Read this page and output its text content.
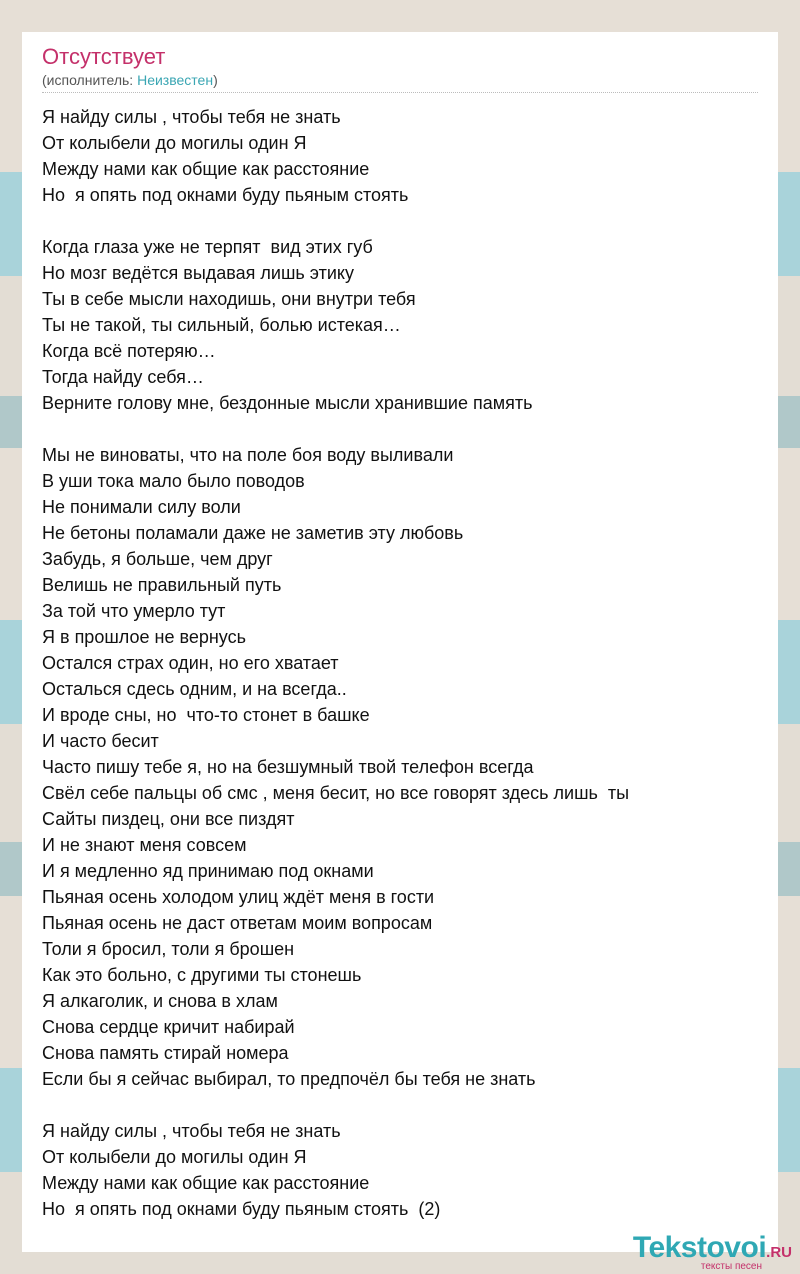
Отсутствует
(исполнитель: Неизвестен)
Я найду силы , чтобы тебя не знать
От колыбели до могилы один Я
Между нами как общие как расстояние
Но  я опять под окнами буду пьяным стоять
Когда глаза уже не терпят  вид этих губ
Но мозг ведётся выдавая лишь этику
Ты в себе мысли находишь, они внутри тебя
Ты не такой, ты сильный, болью истекая…
Когда всё потеряю…
Тогда найду себя…
Верните голову мне, бездонные мысли хранившие память
Мы не виноваты, что на поле боя воду выливали
В уши тока мало было поводов
Не понимали силу воли
Не бетоны поламали даже не заметив эту любовь
Забудь, я больше, чем друг
Велишь не правильный путь
За той что умерло тут
Я в прошлое не вернусь
Остался страх один, но его хватает
Осталься сдесь одним, и на всегда..
И вроде сны, но  что-то стонет в башке
И часто бесит
Часто пишу тебе я, но на безшумный твой телефон всегда
Свёл себе пальцы об смс , меня бесит, но все говорят здесь лишь  ты
Сайты пиздец, они все пиздят
И не знают меня совсем
И я медленно яд принимаю под окнами
Пьяная осень холодом улиц ждёт меня в гости
Пьяная осень не даст ответам моим вопросам
Толи я бросил, толи я брошен
Как это больно, с другими ты стонешь
Я алкаголик, и снова в хлам
Снова сердце кричит набирай
Снова память стирай номера
Если бы я сейчас выбирал, то предпочёл бы тебя не знать
Я найду силы , чтобы тебя не знать
От колыбели до могилы один Я
Между нами как общие как расстояние
Но  я опять под окнами буду пьяным стоять  (2)
Tekstovoi.RU
тексты песен
